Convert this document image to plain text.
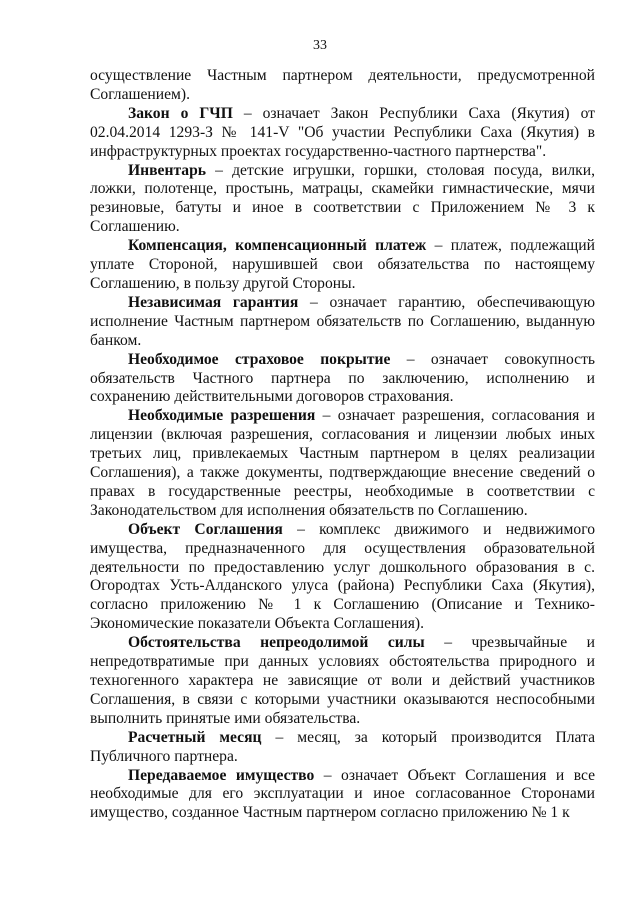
33

осуществление Частным партнером деятельности, предусмотренной Соглашением).

Закон о ГЧП – означает Закон Республики Саха (Якутия) от 02.04.2014 1293-З № 141-V "Об участии Республики Саха (Якутия) в инфраструктурных проектах государственно-частного партнерства".

Инвентарь – детские игрушки, горшки, столовая посуда, вилки, ложки, полотенце, простынь, матрацы, скамейки гимнастические, мячи резиновые, батуты и иное в соответствии с Приложением № 3 к Соглашению.

Компенсация, компенсационный платеж – платеж, подлежащий уплате Стороной, нарушившей свои обязательства по настоящему Соглашению, в пользу другой Стороны.

Независимая гарантия – означает гарантию, обеспечивающую исполнение Частным партнером обязательств по Соглашению, выданную банком.

Необходимое страховое покрытие – означает совокупность обязательств Частного партнера по заключению, исполнению и сохранению действительными договоров страхования.

Необходимые разрешения – означает разрешения, согласования и лицензии (включая разрешения, согласования и лицензии любых иных третьих лиц, привлекаемых Частным партнером в целях реализации Соглашения), а также документы, подтверждающие внесение сведений о правах в государственные реестры, необходимые в соответствии с Законодательством для исполнения обязательств по Соглашению.

Объект Соглашения – комплекс движимого и недвижимого имущества, предназначенного для осуществления образовательной деятельности по предоставлению услуг дошкольного образования в с. Огородтах Усть-Алданского улуса (района) Республики Саха (Якутия), согласно приложению № 1 к Соглашению (Описание и Технико-Экономические показатели Объекта Соглашения).

Обстоятельства непреодолимой силы – чрезвычайные и непредотвратимые при данных условиях обстоятельства природного и техногенного характера не зависящие от воли и действий участников Соглашения, в связи с которыми участники оказываются неспособными выполнить принятые ими обязательства.

Расчетный месяц – месяц, за который производится Плата Публичного партнера.

Передаваемое имущество – означает Объект Соглашения и все необходимые для его эксплуатации и иное согласованное Сторонами имущество, созданное Частным партнером согласно приложению № 1 к
